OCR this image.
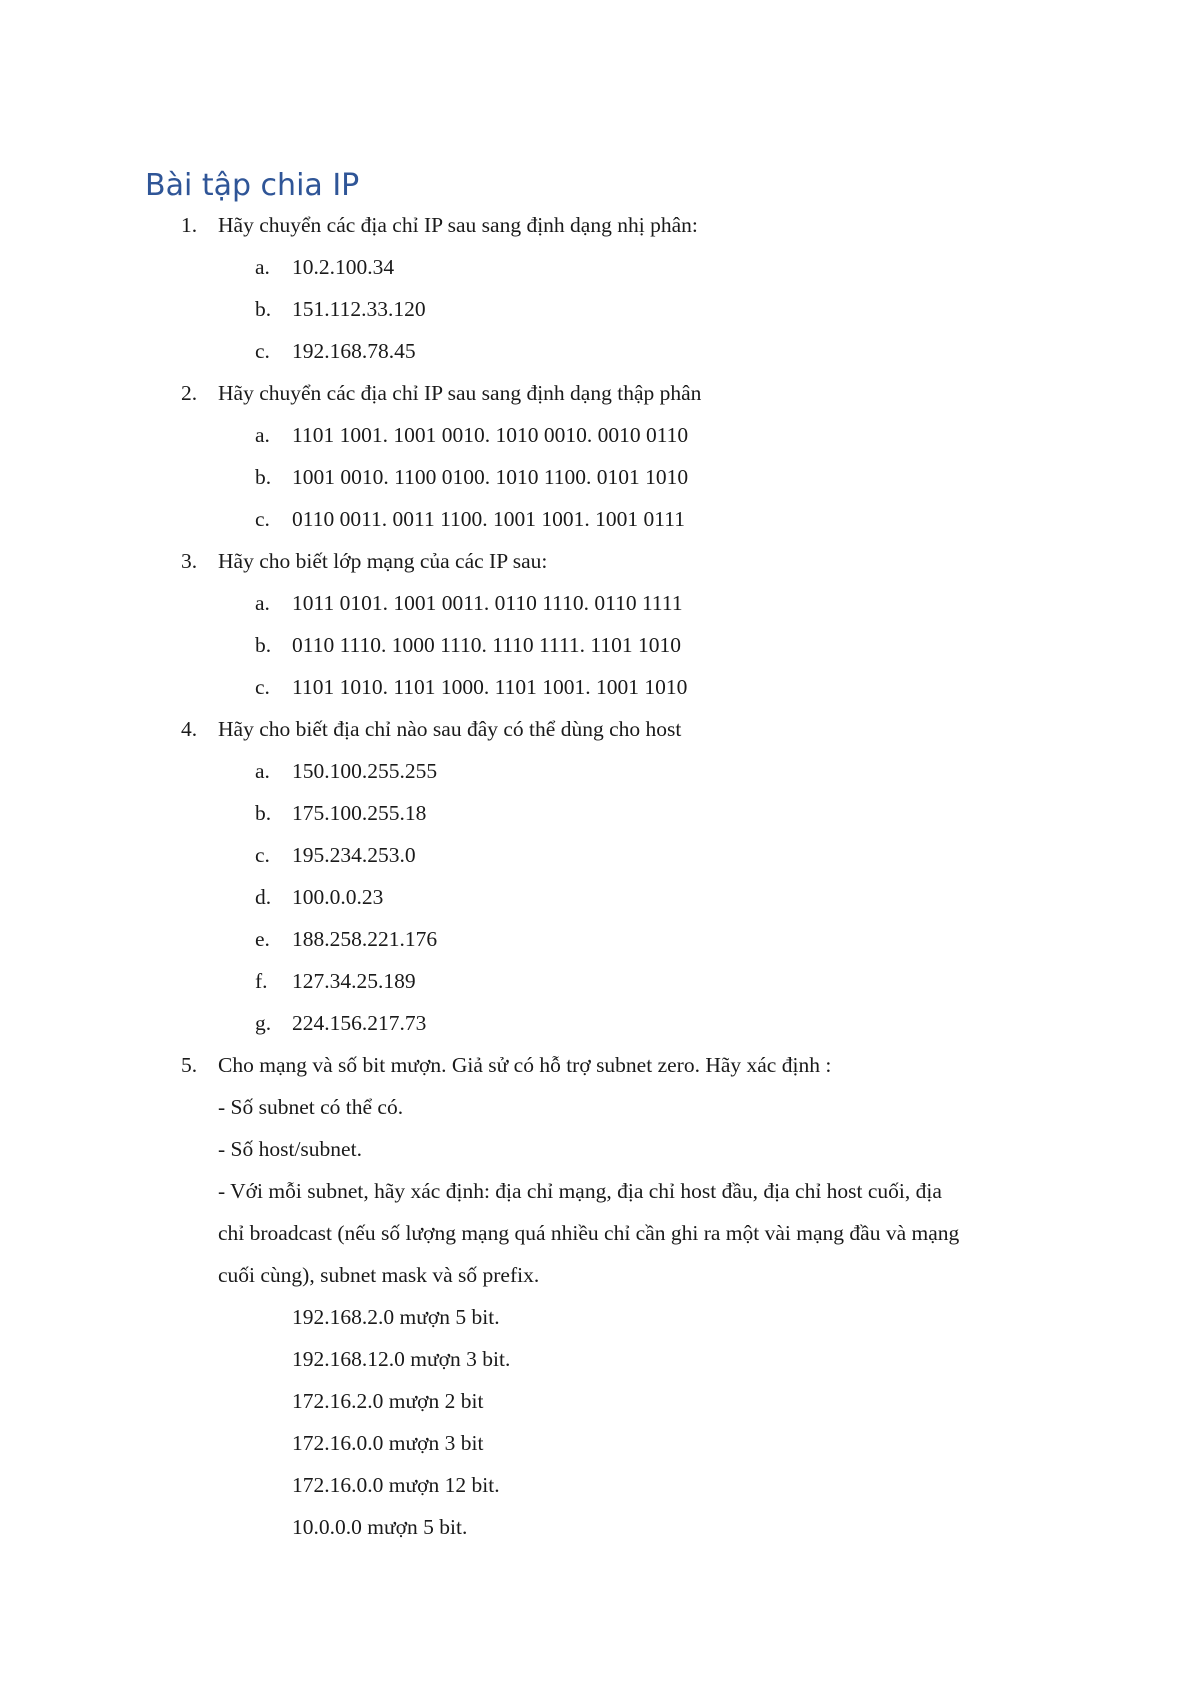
Bài tập chia IP
1. Hãy chuyển các địa chỉ IP sau sang định dạng nhị phân:
a. 10.2.100.34
b. 151.112.33.120
c. 192.168.78.45
2. Hãy chuyển các địa chỉ IP sau sang định dạng thập phân
a. 1101 1001. 1001 0010. 1010 0010. 0010 0110
b. 1001 0010. 1100 0100. 1010 1100. 0101 1010
c. 0110 0011. 0011 1100. 1001 1001. 1001 0111
3. Hãy cho biết lớp mạng của các IP sau:
a. 1011 0101. 1001 0011. 0110 1110. 0110 1111
b. 0110 1110. 1000 1110. 1110 1111. 1101 1010
c. 1101 1010. 1101 1000. 1101 1001. 1001 1010
4. Hãy cho biết địa chỉ nào sau đây có thể dùng cho host
a. 150.100.255.255
b. 175.100.255.18
c. 195.234.253.0
d. 100.0.0.23
e. 188.258.221.176
f. 127.34.25.189
g. 224.156.217.73
5. Cho mạng và số bit mượn. Giả sử có hỗ trợ subnet zero. Hãy xác định :
- Số subnet có thể có.
- Số host/subnet.
- Với mỗi subnet, hãy xác định: địa chỉ mạng, địa chỉ host đầu, địa chỉ host cuối, địa
chỉ broadcast (nếu số lượng mạng quá nhiều chỉ cần ghi ra một vài mạng đầu và mạng
cuối cùng), subnet mask và số prefix.
192.168.2.0 mượn 5 bit.
192.168.12.0 mượn 3 bit.
172.16.2.0 mượn 2 bit
172.16.0.0 mượn 3 bit
172.16.0.0 mượn 12 bit.
10.0.0.0 mượn 5 bit.
